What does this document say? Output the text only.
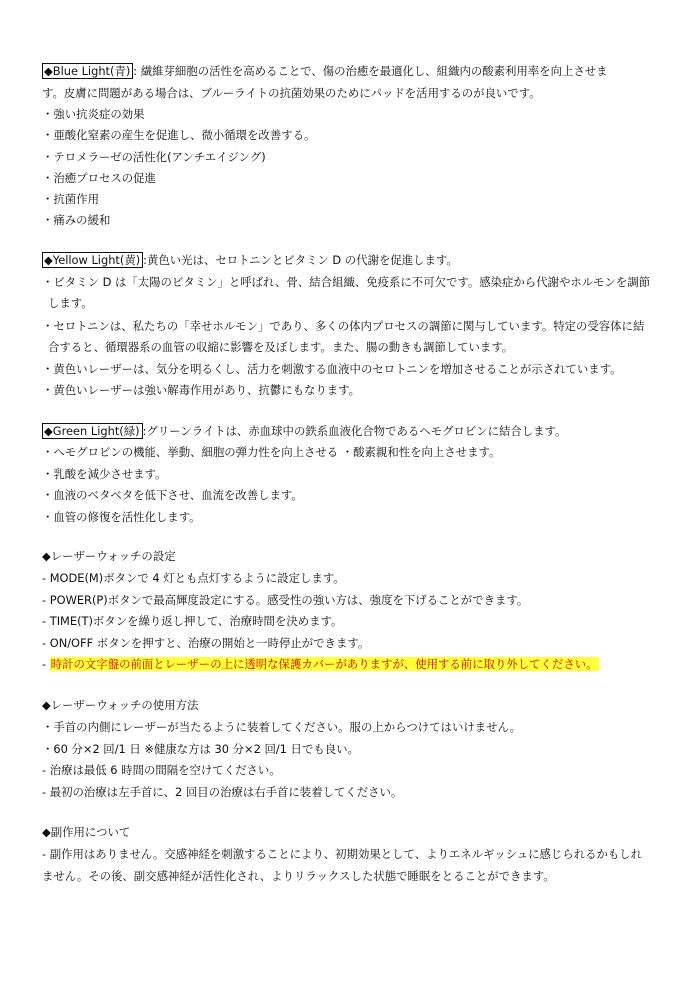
◆Blue Light(青) : 繊維芽細胞の活性を高めることで、傷の治癒を最適化し、組織内の酸素利用率を向上させま
す。皮膚に問題がある場合は、ブルーライトの抗菌効果のためにパッドを活用するのが良いです。
・強い抗炎症の効果
・亜酸化窒素の産生を促進し、微小循環を改善する。
・テロメラーゼの活性化(アンチエイジング)
・治癒プロセスの促進
・抗菌作用
・痛みの緩和
◆Yellow Light(黄) :黄色い光は、セロトニンとビタミン D の代謝を促進します。
・ビタミン D は「太陽のビタミン」と呼ばれ、骨、結合組織、免疫系に不可欠です。感染症から代謝やホルモンを調節
します。
・セロトニンは、私たちの「幸せホルモン」であり、多くの体内プロセスの調節に関与しています。特定の受容体に結
合すると、循環器系の血管の収縮に影響を及ぼします。また、腸の動きも調節しています。
・黄色いレーザーは、気分を明るくし、活力を刺激する血液中のセロトニンを増加させることが示されています。
・黄色いレーザーは強い解毒作用があり、抗鬱にもなります。
◆Green Light(緑) :グリーンライトは、赤血球中の鉄系血液化合物であるヘモグロビンに結合します。
・ヘモグロビンの機能、挙動、細胞の弾力性を向上させる ・酸素親和性を向上させます。
・乳酸を減少させます。
・血液のベタベタを低下させ、血流を改善します。
・血管の修復を活性化します。
◆レーザーウォッチの設定
- MODE(M)ボタンで 4 灯とも点灯するように設定します。
- POWER(P)ボタンで最高輝度設定にする。感受性の強い方は、強度を下げることができます。
- TIME(T)ボタンを繰り返し押して、治療時間を決めます。
- ON/OFF ボタンを押すと、治療の開始と一時停止ができます。
- 時計の文字盤の前面とレーザーの上に透明な保護カバーがありますが、使用する前に取り外してください。
◆レーザーウォッチの使用方法
・手首の内側にレーザーが当たるように装着してください。服の上からつけてはいけません。
・60 分×2 回/1 日 ※健康な方は 30 分×2 回/1 日でも良い。
- 治療は最低 6 時間の間隔を空けてください。
- 最初の治療は左手首に、2 回目の治療は右手首に装着してください。
◆副作用について
- 副作用はありません。交感神経を刺激することにより、初期効果として、よりエネルギッシュに感じられるかもしれ
ません。その後、副交感神経が活性化され、よりリラックスした状態で睡眠をとることができます。
